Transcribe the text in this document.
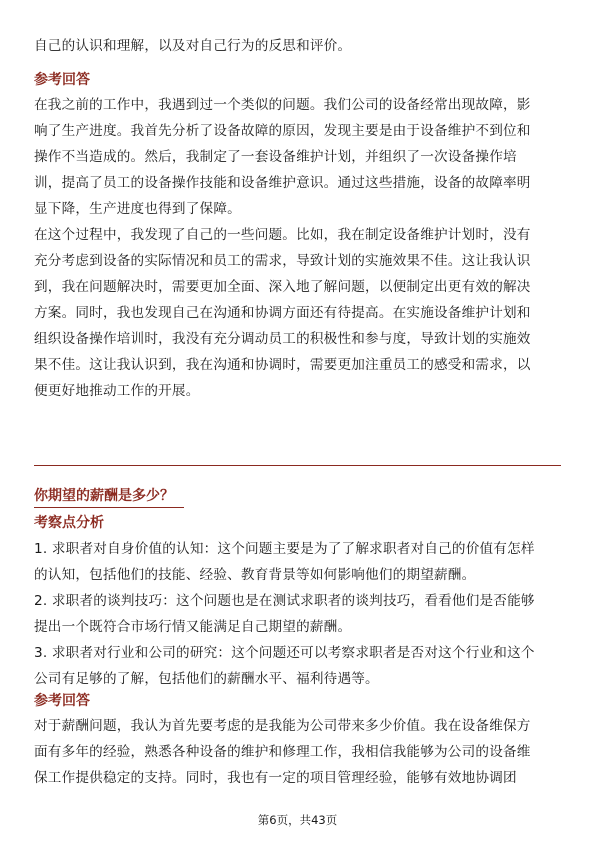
自己的认识和理解，以及对自己行为的反思和评价。
参考回答
在我之前的工作中，我遇到过一个类似的问题。我们公司的设备经常出现故障，影
响了生产进度。我首先分析了设备故障的原因，发现主要是由于设备维护不到位和
操作不当造成的。然后，我制定了一套设备维护计划，并组织了一次设备操作培
训，提高了员工的设备操作技能和设备维护意识。通过这些措施，设备的故障率明
显下降，生产进度也得到了保障。
在这个过程中，我发现了自己的一些问题。比如，我在制定设备维护计划时，没有
充分考虑到设备的实际情况和员工的需求，导致计划的实施效果不佳。这让我认识
到，我在问题解决时，需要更加全面、深入地了解问题，以便制定出更有效的解决
方案。同时，我也发现自己在沟通和协调方面还有待提高。在实施设备维护计划和
组织设备操作培训时，我没有充分调动员工的积极性和参与度，导致计划的实施效
果不佳。这让我认识到，我在沟通和协调时，需要更加注重员工的感受和需求，以
便更好地推动工作的开展。
你期望的薪酬是多少？
考察点分析
1. 求职者对自身价值的认知：这个问题主要是为了了解求职者对自己的价值有怎样
的认知，包括他们的技能、经验、教育背景等如何影响他们的期望薪酬。
2. 求职者的谈判技巧：这个问题也是在测试求职者的谈判技巧，看看他们是否能够
提出一个既符合市场行情又能满足自己期望的薪酬。
3. 求职者对行业和公司的研究：这个问题还可以考察求职者是否对这个行业和这个
公司有足够的了解，包括他们的薪酬水平、福利待遇等。
参考回答
对于薪酬问题，我认为首先要考虑的是我能为公司带来多少价值。我在设备维保方
面有多年的经验，熟悉各种设备的维护和修理工作，我相信我能够为公司的设备维
保工作提供稳定的支持。同时，我也有一定的项目管理经验，能够有效地协调团
第6页，共43页
